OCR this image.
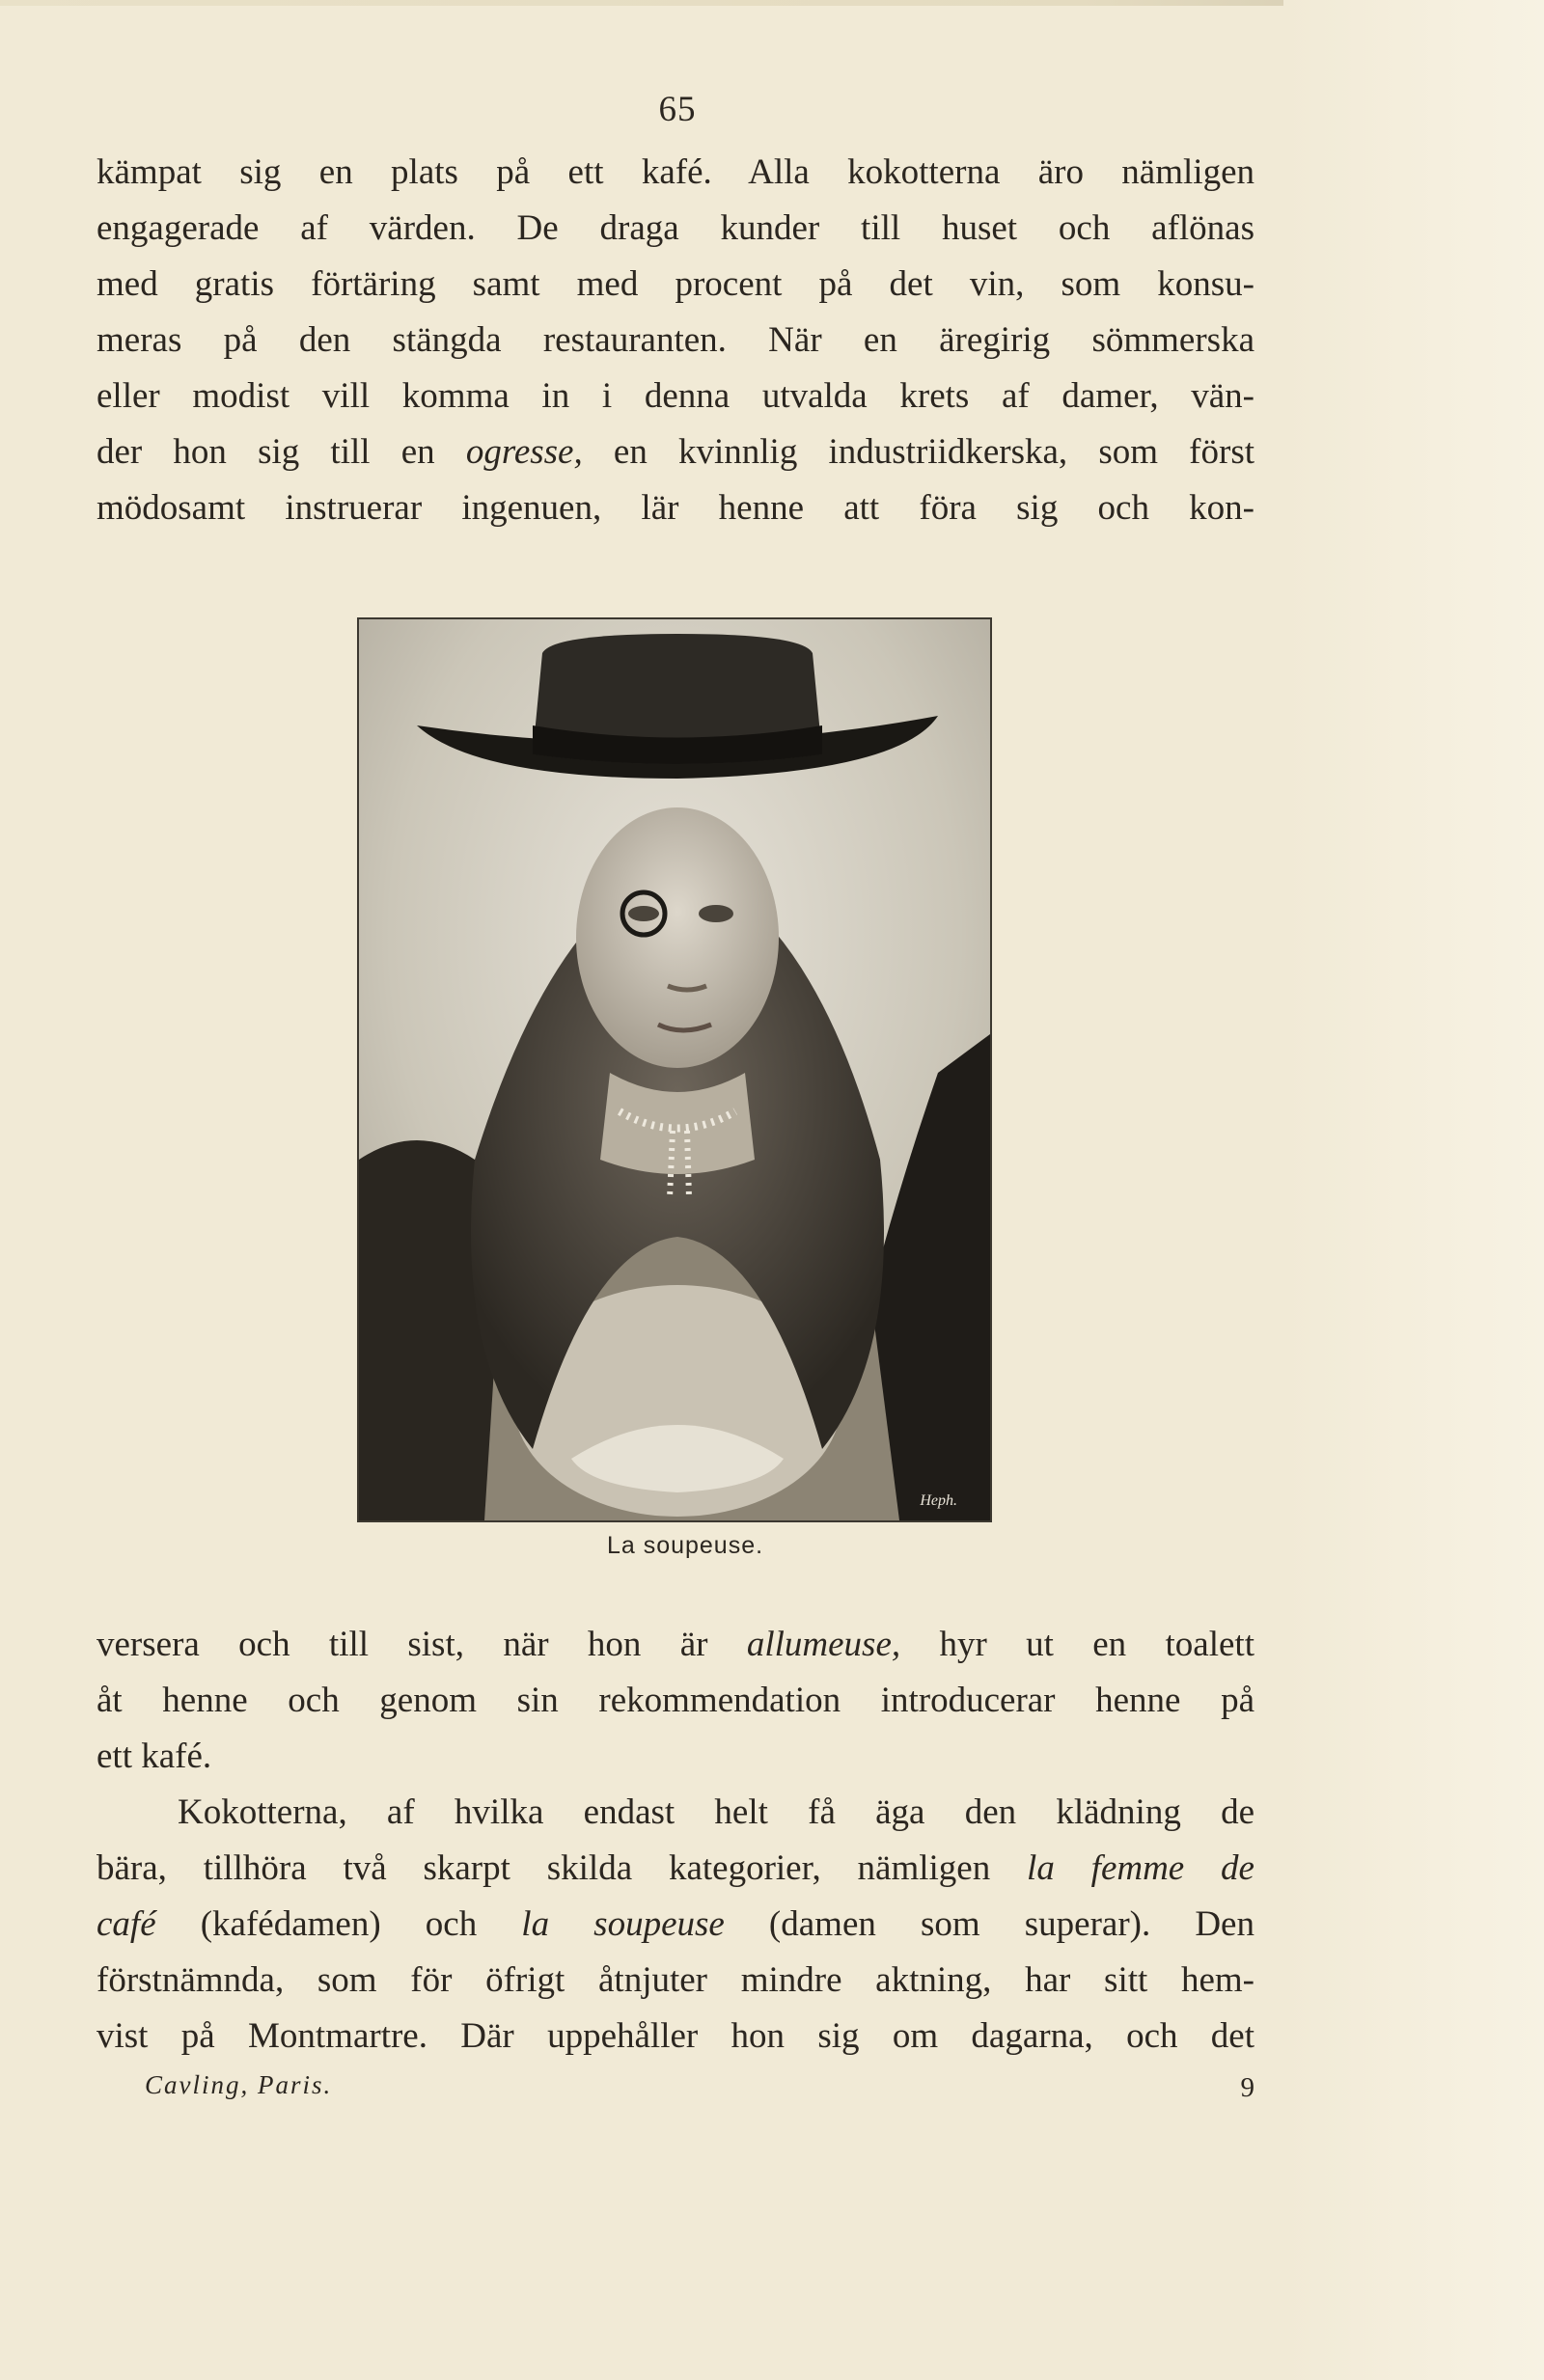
65
kämpat sig en plats på ett kafé. Alla kokotterna äro nämligen
engagerade af värden. De draga kunder till huset och aflönas
med gratis förtäring samt med procent på det vin, som konsu-
meras på den stängda restauranten. När en äregirig sömmerska
eller modist vill komma in i denna utvalda krets af damer, vän-
der hon sig till en ogresse, en kvinnlig industriidkerska, som först
mödosamt instruerar ingenuen, lär henne att föra sig och kon-
Heph.
La soupeuse.
versera och till sist, när hon är allumeuse, hyr ut en toalett
åt henne och genom sin rekommendation introducerar henne på
ett kafé.
Kokotterna, af hvilka endast helt få äga den klädning de
bära, tillhöra två skarpt skilda kategorier, nämligen la femme de
café (kafédamen) och la soupeuse (damen som superar). Den
förstnämnda, som för öfrigt åtnjuter mindre aktning, har sitt hem-
vist på Montmartre. Där uppehåller hon sig om dagarna, och det
Cavling, Paris.	9
